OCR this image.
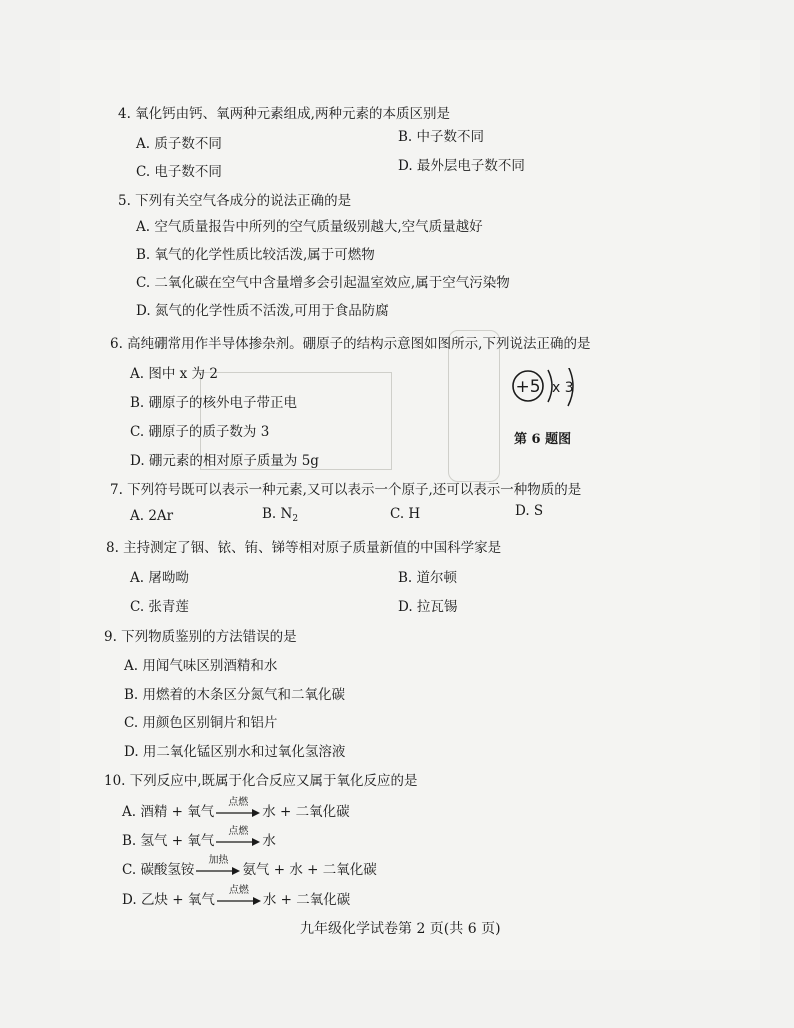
4. 氧化钙由钙、氧两种元素组成,两种元素的本质区别是
A. 质子数不同	B. 中子数不同
C. 电子数不同	D. 最外层电子数不同
5. 下列有关空气各成分的说法正确的是
A. 空气质量报告中所列的空气质量级别越大,空气质量越好
B. 氧气的化学性质比较活泼,属于可燃物
C. 二氧化碳在空气中含量增多会引起温室效应,属于空气污染物
D. 氮气的化学性质不活泼,可用于食品防腐
6. 高纯硼常用作半导体掺杂剂。硼原子的结构示意图如图所示,下列说法正确的是
A. 图中 x 为 2
B. 硼原子的核外电子带正电
C. 硼原子的质子数为 3
D. 硼元素的相对原子质量为 5g
+5 x 3
第 6 题图
7. 下列符号既可以表示一种元素,又可以表示一个原子,还可以表示一种物质的是
A. 2Ar	B. $N_2$	C. H	D. S
8. 主持测定了铟、铱、铕、锑等相对原子质量新值的中国科学家是
A. 屠呦呦	B. 道尔顿
C. 张青莲	D. 拉瓦锡
9. 下列物质鉴别的方法错误的是
A. 用闻气味区别酒精和水
B. 用燃着的木条区分氮气和二氧化碳
C. 用颜色区别铜片和铝片
D. 用二氧化锰区别水和过氧化氢溶液
10. 下列反应中,既属于化合反应又属于氧化反应的是
A. 酒精 + 氧气
点燃
水 + 二氧化碳
B. 氢气 + 氧气
点燃
水
C. 碳酸氢铵
加热
氨气 + 水 + 二氧化碳
D. 乙炔 + 氧气
点燃
水 + 二氧化碳
九年级化学试卷第 2 页(共 6 页)
